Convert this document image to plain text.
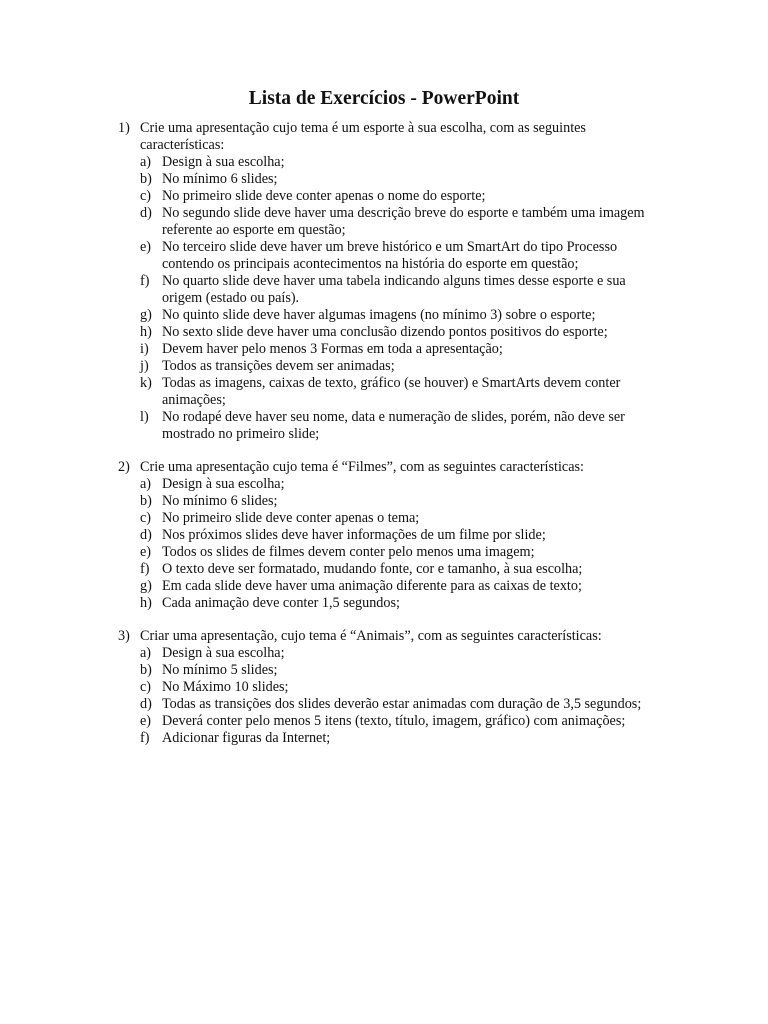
Lista de Exercícios - PowerPoint
1) Crie uma apresentação cujo tema é um esporte à sua escolha, com as seguintes características:
a) Design à sua escolha;
b) No mínimo 6 slides;
c) No primeiro slide deve conter apenas o nome do esporte;
d) No segundo slide deve haver uma descrição breve do esporte e também uma imagem referente ao esporte em questão;
e) No terceiro slide deve haver um breve histórico e um SmartArt do tipo Processo contendo os principais acontecimentos na história do esporte em questão;
f) No quarto slide deve haver uma tabela indicando alguns times desse esporte e sua origem (estado ou país).
g) No quinto slide deve haver algumas imagens (no mínimo 3) sobre o esporte;
h) No sexto slide deve haver uma conclusão dizendo pontos positivos do esporte;
i) Devem haver pelo menos 3 Formas em toda a apresentação;
j) Todos as transições devem ser animadas;
k) Todas as imagens, caixas de texto, gráfico (se houver) e SmartArts devem conter animações;
l) No rodapé deve haver seu nome, data e numeração de slides, porém, não deve ser mostrado no primeiro slide;
2) Crie uma apresentação cujo tema é “Filmes”, com as seguintes características:
a) Design à sua escolha;
b) No mínimo 6 slides;
c) No primeiro slide deve conter apenas o tema;
d) Nos próximos slides deve haver informações de um filme por slide;
e) Todos os slides de filmes devem conter pelo menos uma imagem;
f) O texto deve ser formatado, mudando fonte, cor e tamanho, à sua escolha;
g) Em cada slide deve haver uma animação diferente para as caixas de texto;
h) Cada animação deve conter 1,5 segundos;
3) Criar uma apresentação, cujo tema é “Animais”, com as seguintes características:
a) Design à sua escolha;
b) No mínimo 5 slides;
c) No Máximo 10 slides;
d) Todas as transições dos slides deverão estar animadas com duração de 3,5 segundos;
e) Deverá conter pelo menos 5 itens (texto, título, imagem, gráfico) com animações;
f) Adicionar figuras da Internet;
